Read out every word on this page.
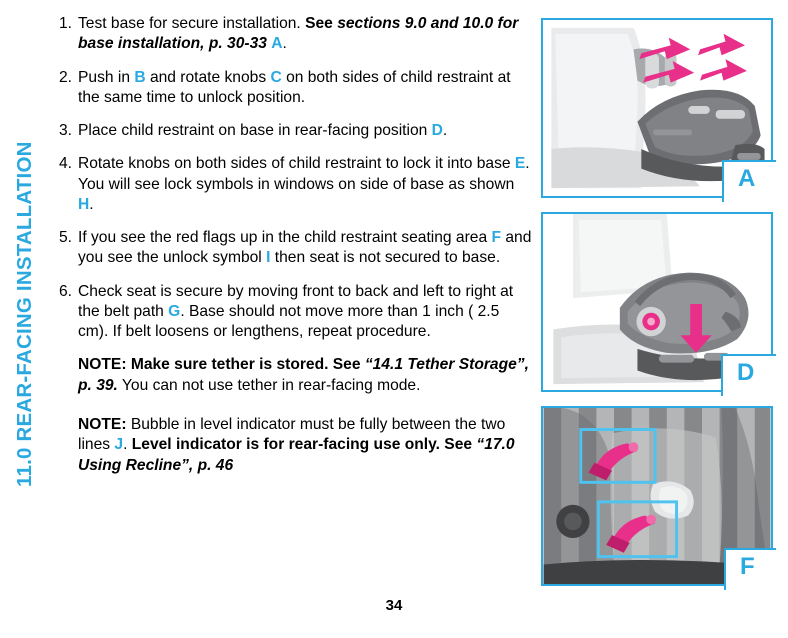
11.0 REAR-FACING INSTALLATION
1. Test base for secure installation. See sections 9.0 and 10.0 for base installation, p. 30-33 A.
2. Push in B and rotate knobs C on both sides of child restraint at the same time to unlock position.
3. Place child restraint on base in rear-facing position D.
4. Rotate knobs on both sides of child restraint to lock it into base E. You will see lock symbols in windows on side of base as shown H.
5. If you see the red flags up in the child restraint seating area F and you see the unlock symbol I then seat is not secured to base.
6. Check seat is secure by moving front to back and left to right at the belt path G. Base should not move more than 1 inch ( 2.5 cm). If belt loosens or lengthens, repeat procedure.
NOTE: Make sure tether is stored. See “14.1 Tether Storage”, p. 39. You can not use tether in rear-facing mode.
NOTE: Bubble in level indicator must be fully between the two lines J. Level indicator is for rear-facing use only. See “17.0 Using Recline”, p. 46
34
A
D
F
